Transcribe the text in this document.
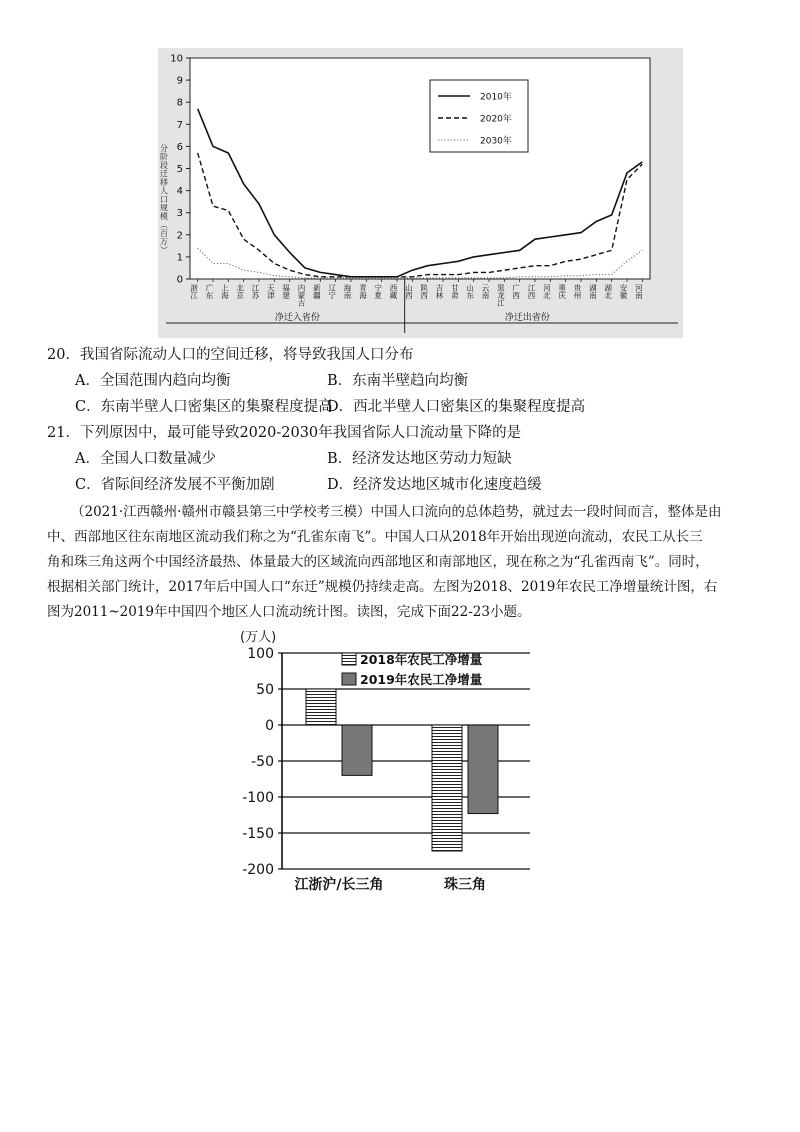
0
1
2
3
4
5
6
7
8
9
10
分阶段迁移人口规模（百万）
2010年
2020年
2030年
浙江 广东 上海 北京 江苏 天津 福建 内蒙古 新疆 辽宁 海南 青海 宁夏 西藏 山西 陕西 吉林 甘肃 山东 云南 黑龙江 广西 江西 河北 重庆 贵州 湖南 湖北 安徽 河南
净迁入省份	净迁出省份
20．我国省际流动人口的空间迁移，将导致我国人口分布
A．全国范围内趋向均衡	B．东南半壁趋向均衡
C．东南半壁人口密集区的集聚程度提高
D．西北半壁人口密集区的集聚程度提高
21．下列原因中，最可能导致2020-2030年我国省际人口流动量下降的是
A．全国人口数量减少	B．经济发达地区劳动力短缺
C．省际间经济发展不平衡加剧	D．经济发达地区城市化速度趋缓
（2021·江西赣州·赣州市赣县第三中学校考三模）中国人口流向的总体趋势，就过去一段时间而言，整体是由
中、西部地区往东南地区流动我们称之为“孔雀东南飞”。中国人口从2018年开始出现逆向流动，农民工从长三
角和珠三角这两个中国经济最热、体量最大的区域流向西部地区和南部地区，现在称之为“孔雀西南飞”。同时，
根据相关部门统计，2017年后中国人口“东迁”规模仍持续走高。左图为2018、2019年农民工净增量统计图，右
图为2011~2019年中国四个地区人口流动统计图。读图，完成下面22-23小题。
100
50
0
-50
-100
-150
-200
(万人)
2018年农民工净增量
2019年农民工净增量
江浙沪/长三角	珠三角
